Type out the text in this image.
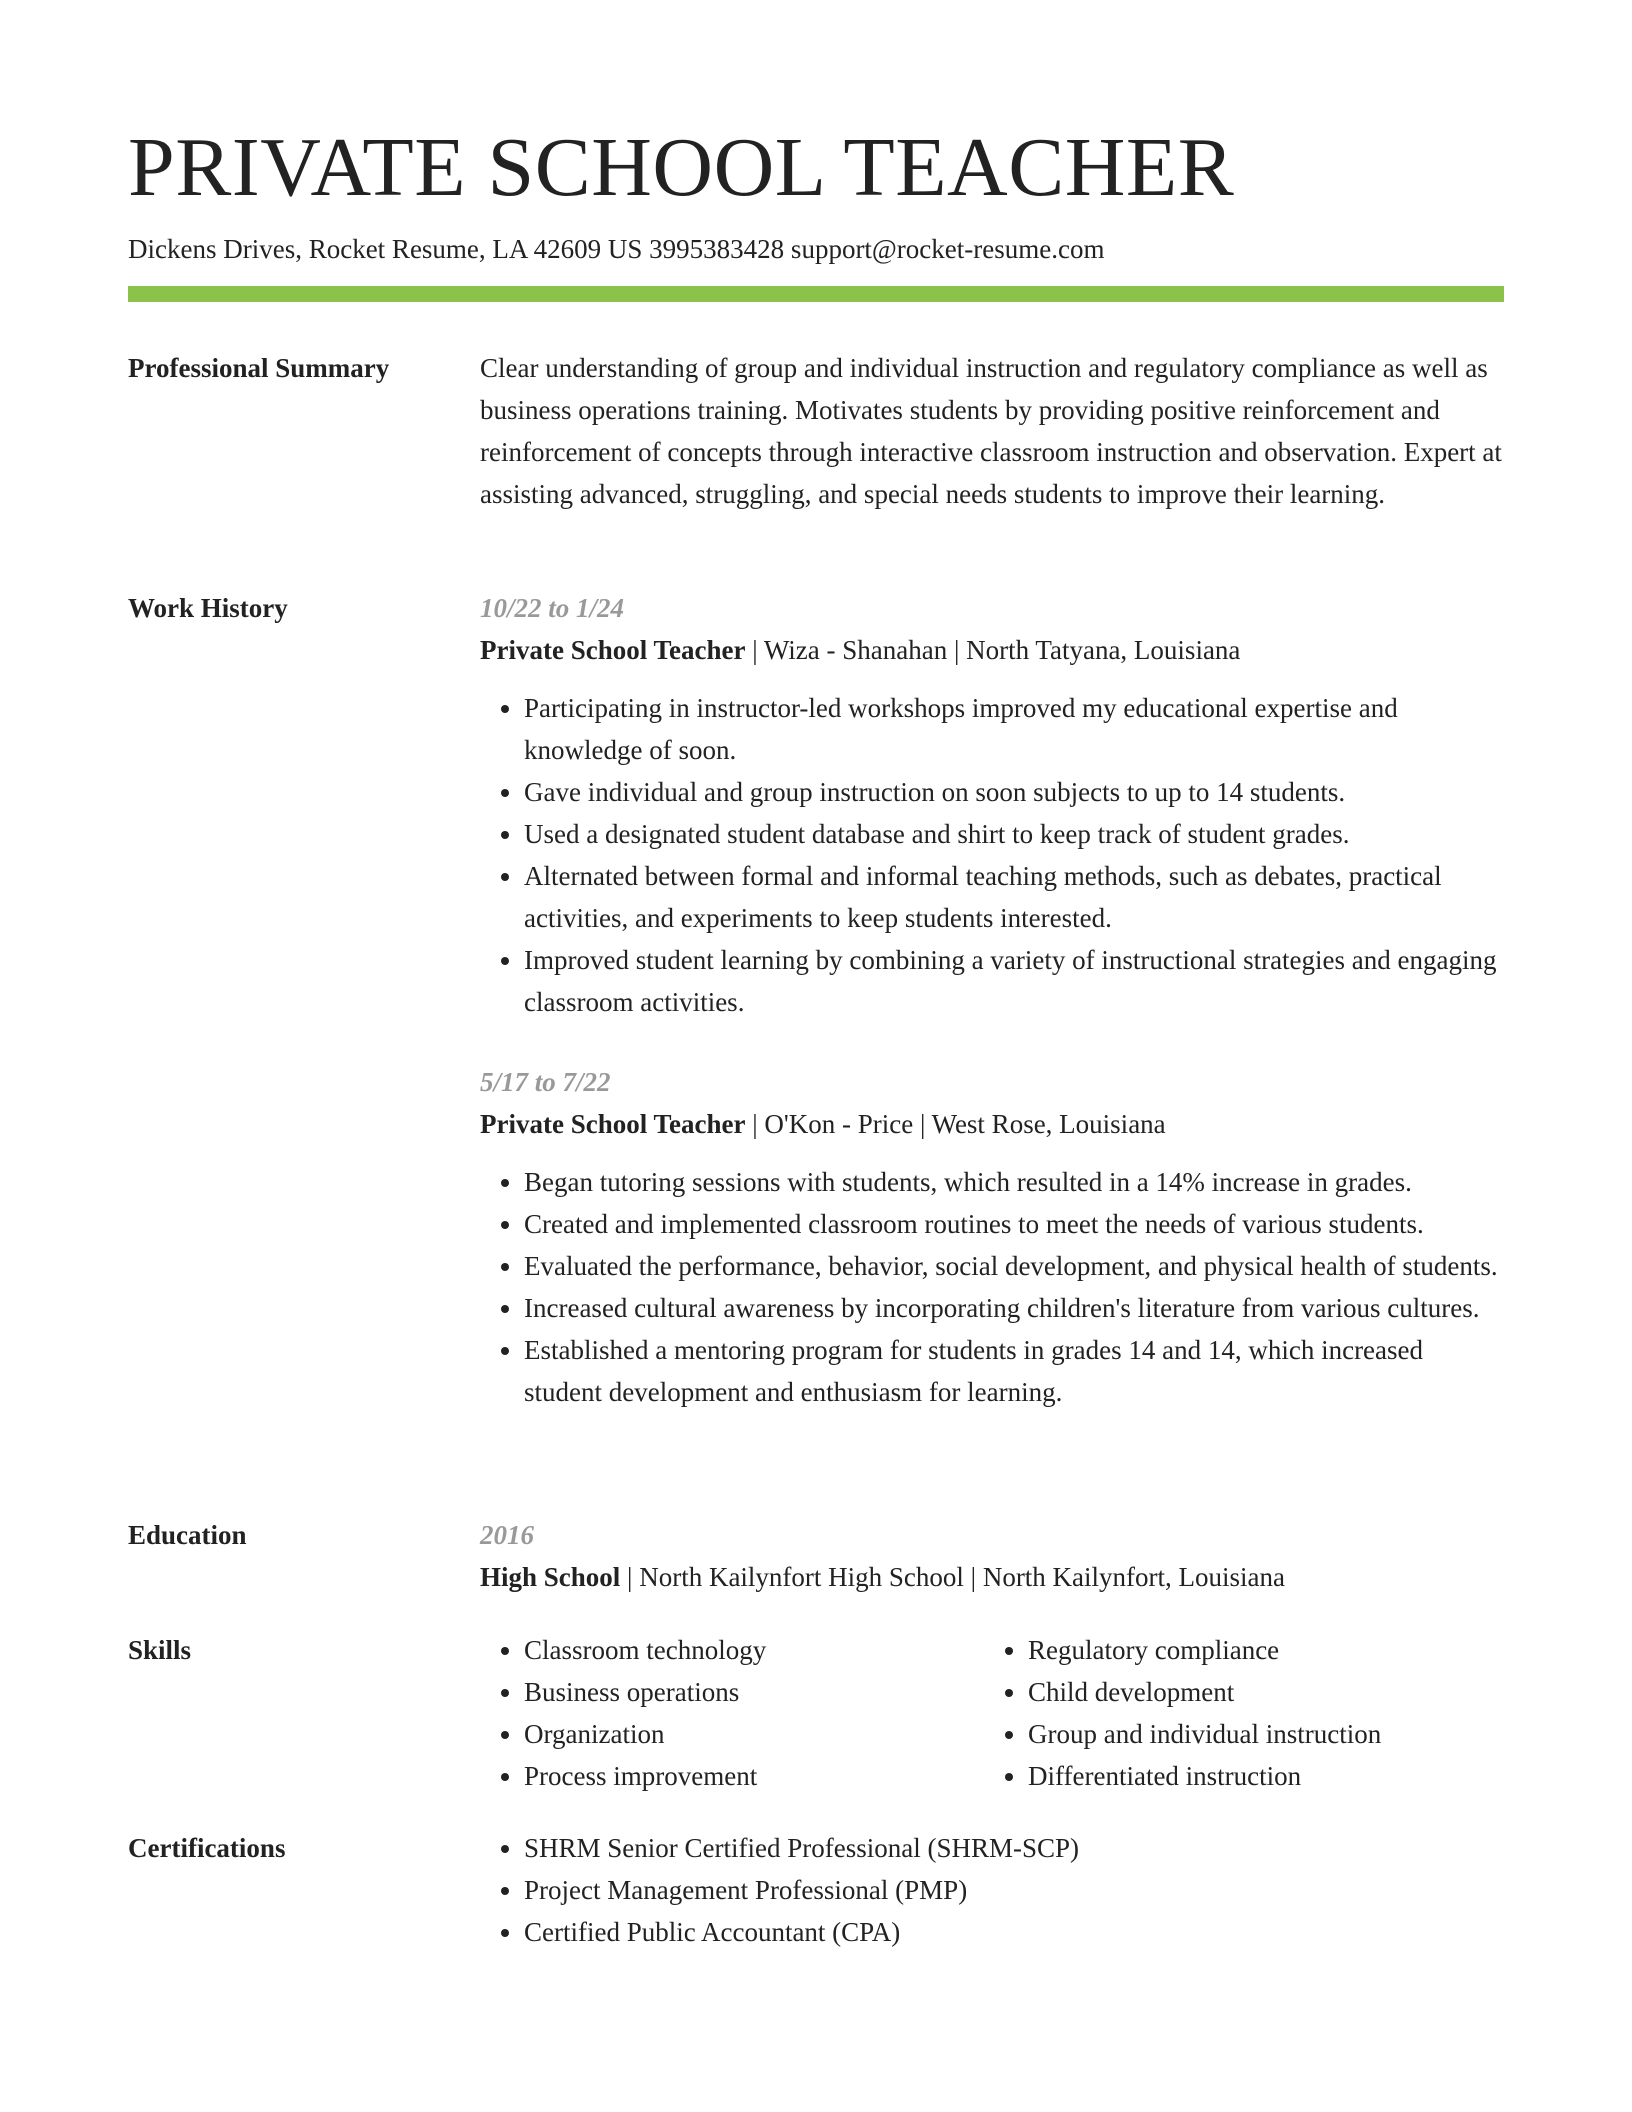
PRIVATE SCHOOL TEACHER
Dickens Drives, Rocket Resume, LA 42609 US 3995383428 support@rocket-resume.com
Professional Summary	Clear understanding of group and individual instruction and regulatory compliance as well as business operations training. Motivates students by providing positive reinforcement and reinforcement of concepts through interactive classroom instruction and observation. Expert at assisting advanced, struggling, and special needs students to improve their learning.

Work History	10/22 to 1/24
Private School Teacher | Wiza - Shanahan | North Tatyana, Louisiana
• Participating in instructor-led workshops improved my educational expertise and knowledge of soon.
• Gave individual and group instruction on soon subjects to up to 14 students.
• Used a designated student database and shirt to keep track of student grades.
• Alternated between formal and informal teaching methods, such as debates, practical activities, and experiments to keep students interested.
• Improved student learning by combining a variety of instructional strategies and engaging classroom activities.
5/17 to 7/22
Private School Teacher | O'Kon - Price | West Rose, Louisiana
• Began tutoring sessions with students, which resulted in a 14% increase in grades.
• Created and implemented classroom routines to meet the needs of various students.
• Evaluated the performance, behavior, social development, and physical health of students.
• Increased cultural awareness by incorporating children's literature from various cultures.
• Established a mentoring program for students in grades 14 and 14, which increased student development and enthusiasm for learning.
Education	2016
High School | North Kailynfort High School | North Kailynfort, Louisiana
Skills	• Classroom technology
• Business operations
• Organization
• Process improvement
• Regulatory compliance
• Child development
• Group and individual instruction
• Differentiated instruction
Certifications	• SHRM Senior Certified Professional (SHRM-SCP)
• Project Management Professional (PMP)
• Certified Public Accountant (CPA)
